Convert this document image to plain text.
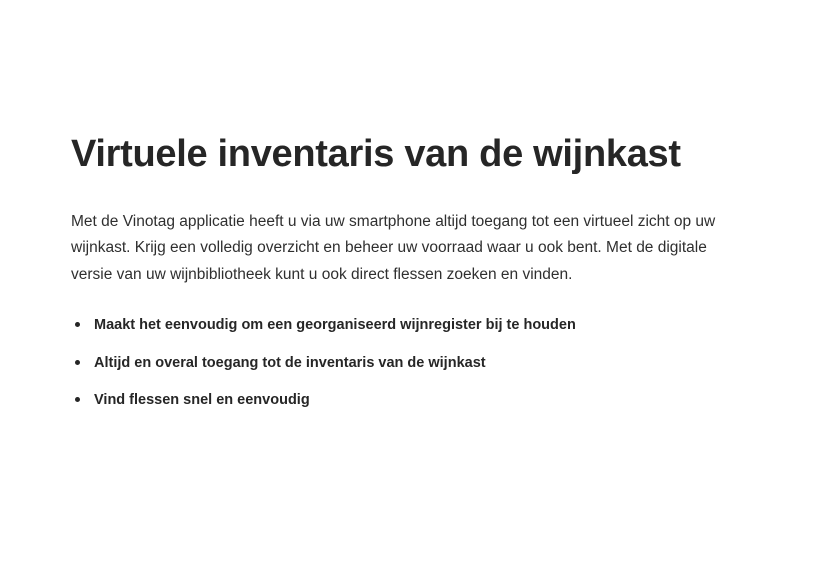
Virtuele inventaris van de wijnkast

Met de Vinotag applicatie heeft u via uw smartphone altijd toegang tot een virtueel zicht op uw wijnkast. Krijg een volledig overzicht en beheer uw voorraad waar u ook bent. Met de digitale versie van uw wijnbibliotheek kunt u ook direct flessen zoeken en vinden.

Maakt het eenvoudig om een georganiseerd wijnregister bij te houden
Altijd en overal toegang tot de inventaris van de wijnkast
Vind flessen snel en eenvoudig
